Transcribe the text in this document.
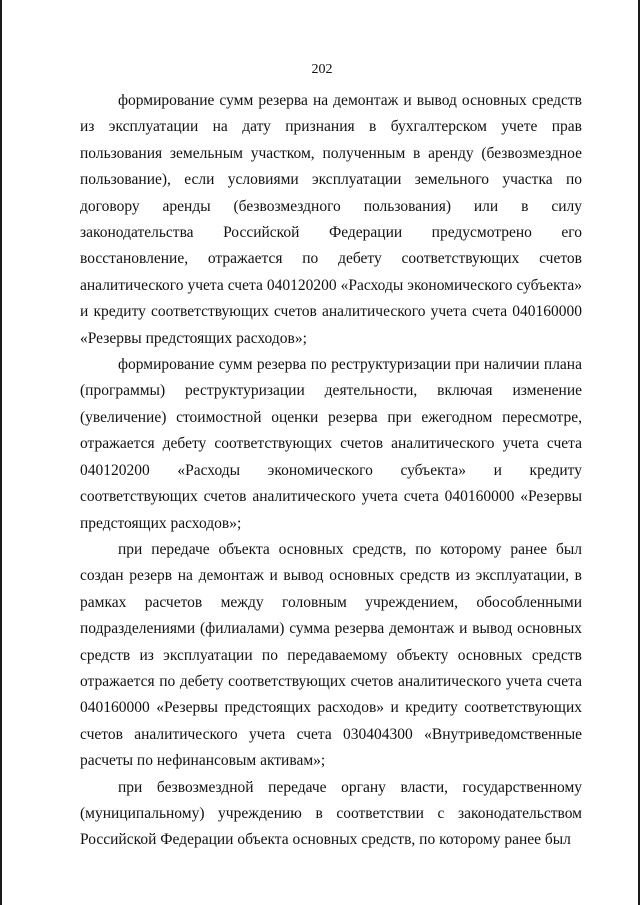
202

формирование сумм резерва на демонтаж и вывод основных средств из эксплуатации на дату признания в бухгалтерском учете прав пользования земельным участком, полученным в аренду (безвозмездное пользование), если условиями эксплуатации земельного участка по договору аренды (безвозмездного пользования) или в силу законодательства Российской Федерации предусмотрено его восстановление, отражается по дебету соответствующих счетов аналитического учета счета 040120200 «Расходы экономического субъекта» и кредиту соответствующих счетов аналитического учета счета 040160000 «Резервы предстоящих расходов»;

формирование сумм резерва по реструктуризации при наличии плана (программы) реструктуризации деятельности, включая изменение (увеличение) стоимостной оценки резерва при ежегодном пересмотре, отражается дебету соответствующих счетов аналитического учета счета 040120200 «Расходы экономического субъекта» и кредиту соответствующих счетов аналитического учета счета 040160000 «Резервы предстоящих расходов»;

при передаче объекта основных средств, по которому ранее был создан резерв на демонтаж и вывод основных средств из эксплуатации, в рамках расчетов между головным учреждением, обособленными подразделениями (филиалами) сумма резерва демонтаж и вывод основных средств из эксплуатации по передаваемому объекту основных средств отражается по дебету соответствующих счетов аналитического учета счета 040160000 «Резервы предстоящих расходов» и кредиту соответствующих счетов аналитического учета счета 030404300 «Внутриведомственные расчеты по нефинансовым активам»;

при безвозмездной передаче органу власти, государственному (муниципальному) учреждению в соответствии с законодательством Российской Федерации объекта основных средств, по которому ранее был
